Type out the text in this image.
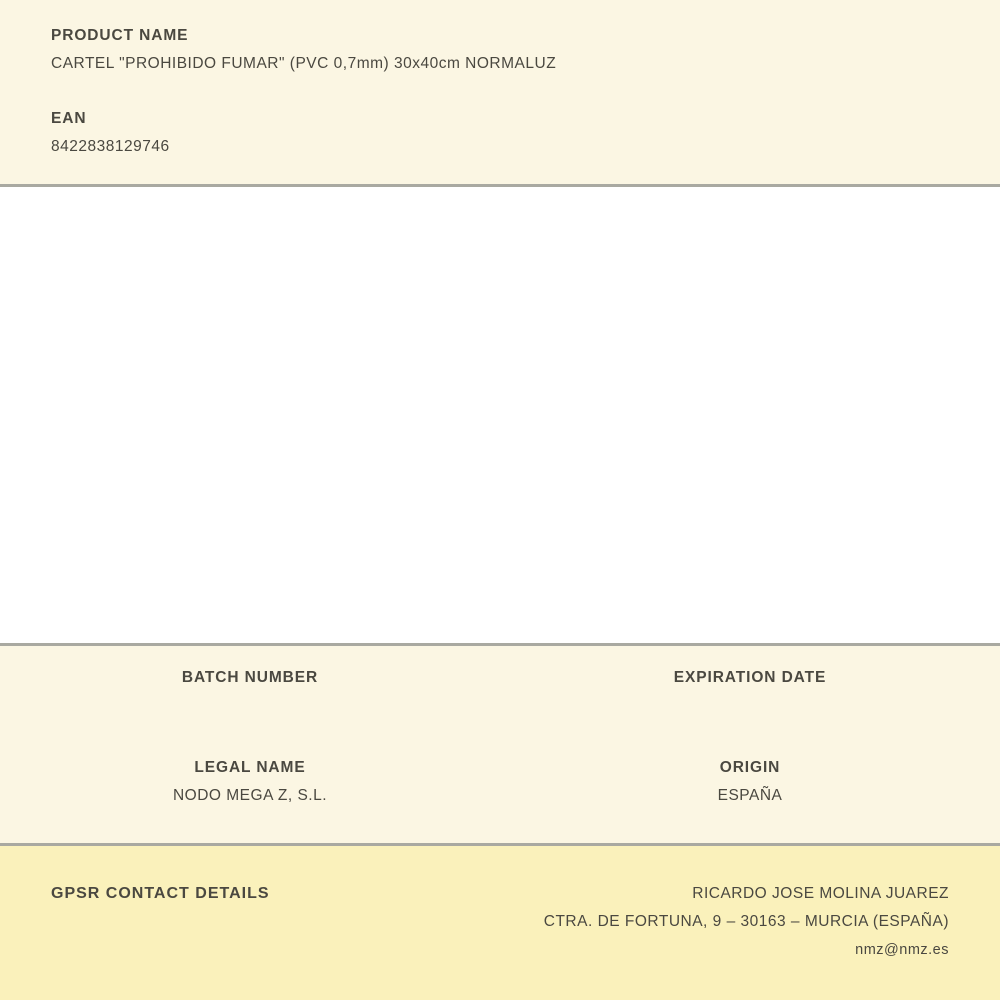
PRODUCT NAME
CARTEL "PROHIBIDO FUMAR" (PVC 0,7mm) 30x40cm NORMALUZ
EAN
8422838129746
BATCH NUMBER	EXPIRATION DATE
LEGAL NAME
NODO MEGA Z, S.L.
ORIGIN
ESPAÑA
GPSR CONTACT DETAILS	RICARDO JOSE MOLINA JUAREZ
CTRA. DE FORTUNA, 9 – 30163 – MURCIA (ESPAÑA)
nmz@nmz.es
